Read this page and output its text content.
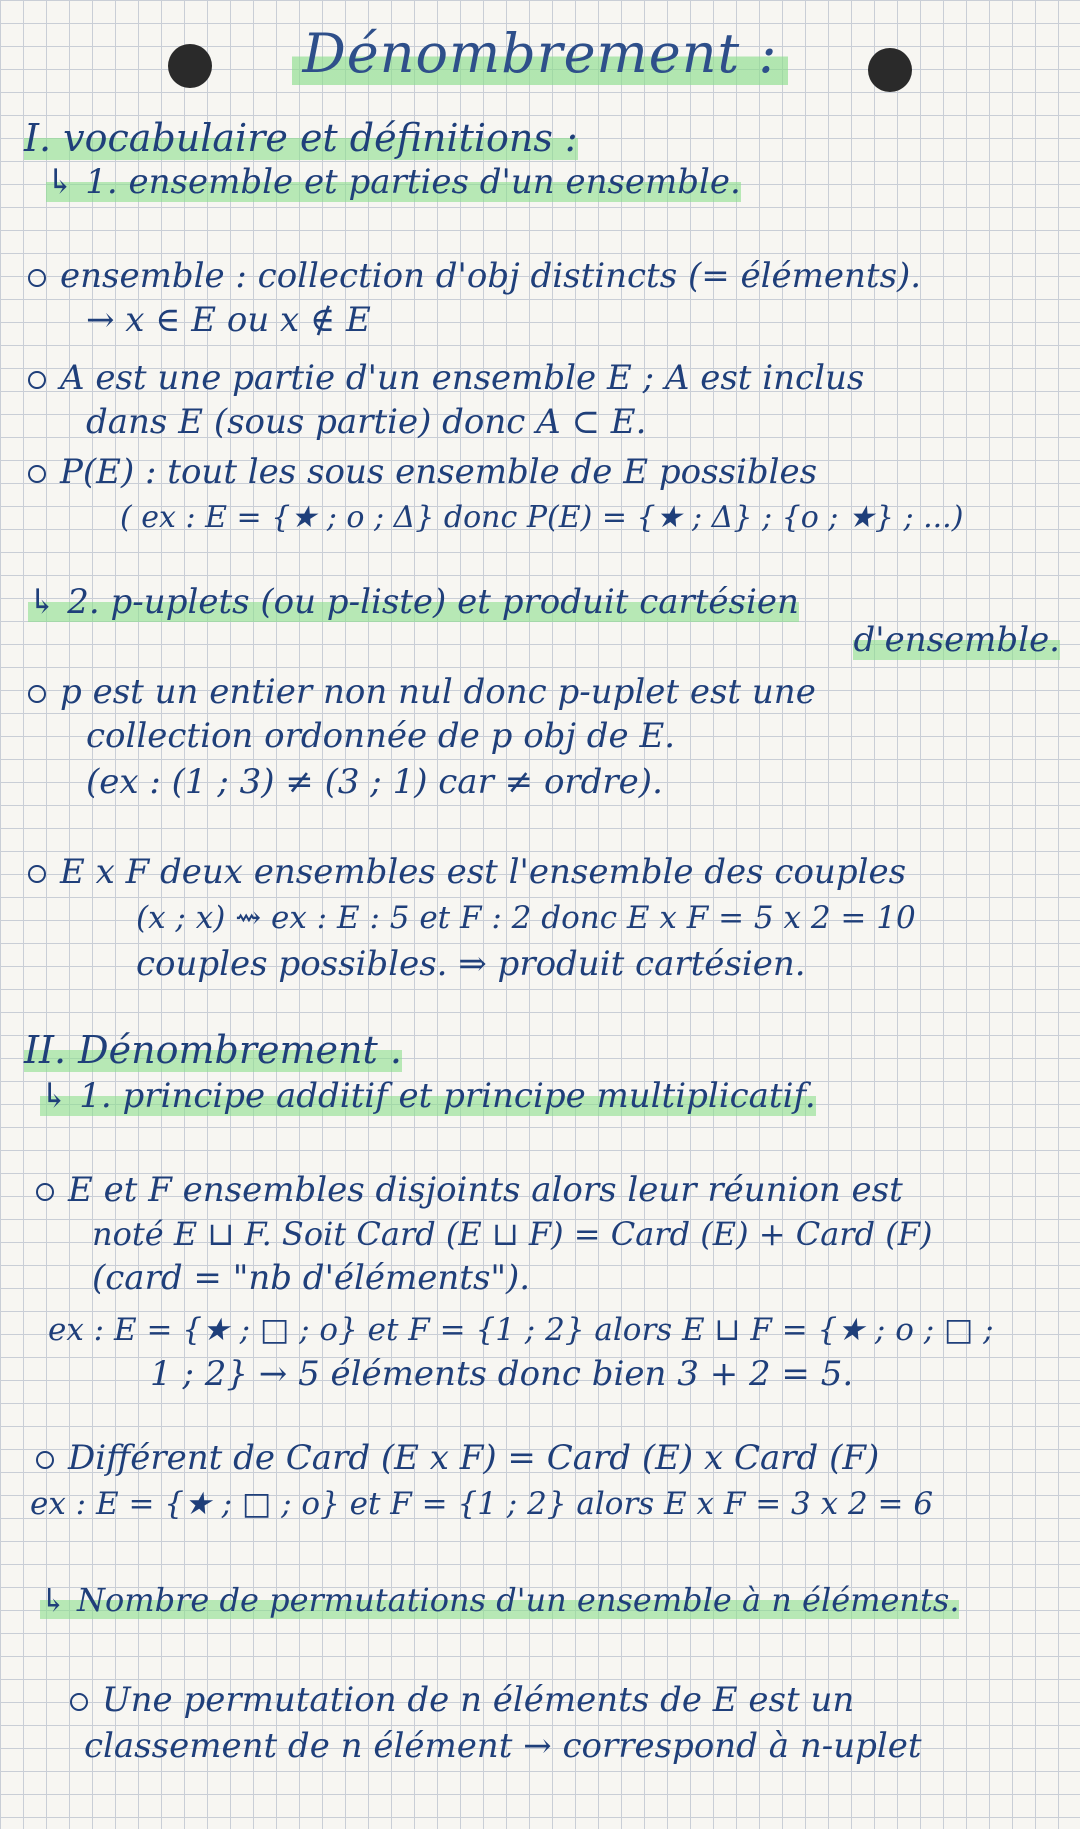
Dénombrement :
I. vocabulaire et définitions :
↳ 1. ensemble et parties d'un ensemble.
ensemble : collection d'obj distincts (= éléments).
→ x ∈ E ou x ∉ E
A est une partie d'un ensemble E ; A est inclus
dans E (sous partie) donc A ⊂ E.
P(E) : tout les sous ensemble de E possibles
( ex : E = {★ ; o ; Δ} donc P(E) = {★ ; Δ} ; {o ; ★} ; ...)
↳ 2. p-uplets (ou p-liste) et produit cartésien
d'ensemble.
p est un entier non nul donc p-uplet est une
collection ordonnée de p obj de E.
(ex : (1 ; 3) ≠ (3 ; 1) car ≠ ordre).
E x F deux ensembles est l'ensemble des couples
(x ; x) ⇝ ex : E : 5 et F : 2 donc E x F = 5 x 2 = 10
couples possibles. ⇒ produit cartésien.
II. Dénombrement .
↳ 1. principe additif et principe multiplicatif.
E et F ensembles disjoints alors leur réunion est
noté E ⊔ F. Soit Card (E ⊔ F) = Card (E) + Card (F)
(card = "nb d'éléments").
ex : E = {★ ; □ ; o} et F = {1 ; 2} alors E ⊔ F = {★ ; o ; □ ;
1 ; 2} → 5 éléments donc bien 3 + 2 = 5.
Différent de Card (E x F) = Card (E) x Card (F)
ex : E = {★ ; □ ; o} et F = {1 ; 2} alors E x F = 3 x 2 = 6
↳ Nombre de permutations d'un ensemble à n éléments.
Une permutation de n éléments de E est un
classement de n élément → correspond à n-uplet
